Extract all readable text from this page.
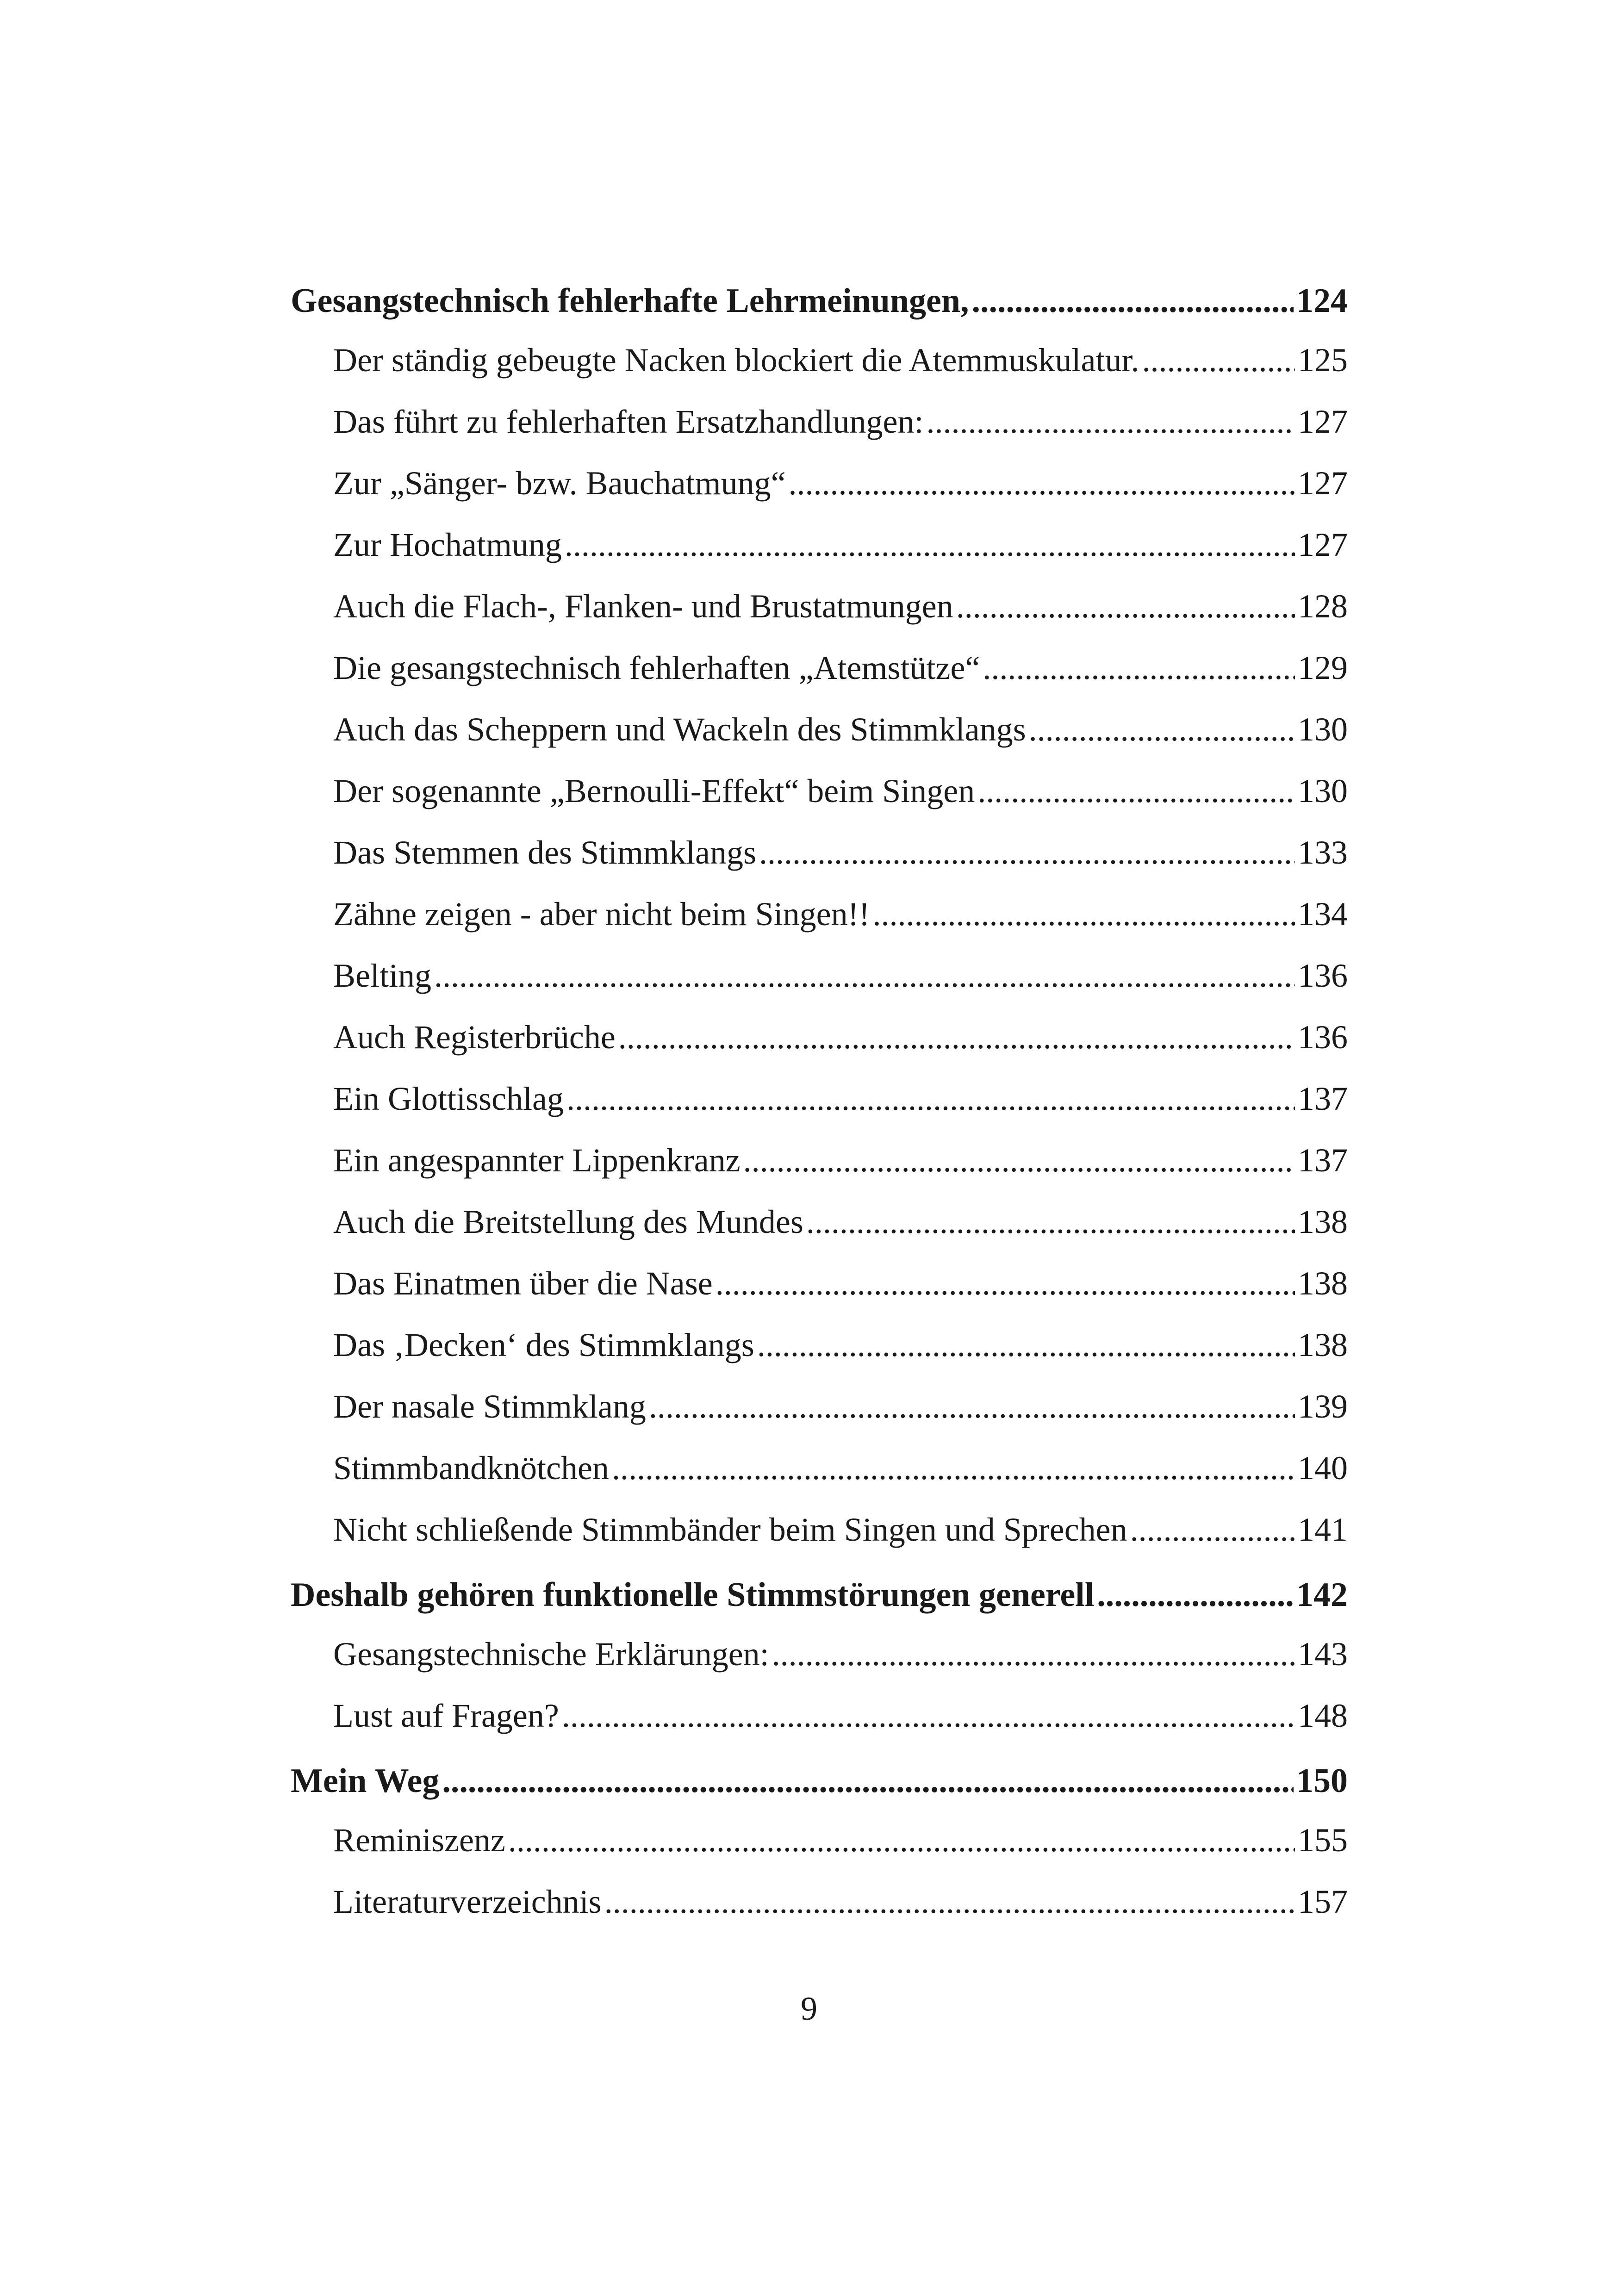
Gesangstechnisch fehlerhafte Lehrmeinungen, .....	124
Der ständig gebeugte Nacken blockiert die Atemmuskulatur. .....	125
Das führt zu fehlerhaften Ersatzhandlungen: .....	127
Zur „Sänger- bzw. Bauchatmung“ .....	127
Zur Hochatmung .....	127
Auch die Flach-, Flanken- und Brustatmungen .....	128
Die gesangstechnisch fehlerhaften „Atemstütze“ .....	129
Auch das Scheppern und Wackeln des Stimmklangs .....	130
Der sogenannte „Bernoulli-Effekt“ beim Singen .....	130
Das Stemmen des Stimmklangs .....	133
Zähne zeigen - aber nicht beim Singen!! .....	134
Belting .....	136
Auch Registerbrüche .....	136
Ein Glottisschlag .....	137
Ein angespannter Lippenkranz .....	137
Auch die Breitstellung des Mundes .....	138
Das Einatmen über die Nase .....	138
Das ‚Decken‘ des Stimmklangs .....	138
Der nasale Stimmklang .....	139
Stimmbandknötchen .....	140
Nicht schließende Stimmbänder beim Singen und Sprechen .....	141
Deshalb gehören funktionelle Stimmstörungen generell .....	142
Gesangstechnische Erklärungen: .....	143
Lust auf Fragen? .....	148
Mein Weg .....	150
Reminiszenz .....	155
Literaturverzeichnis .....	157
9
